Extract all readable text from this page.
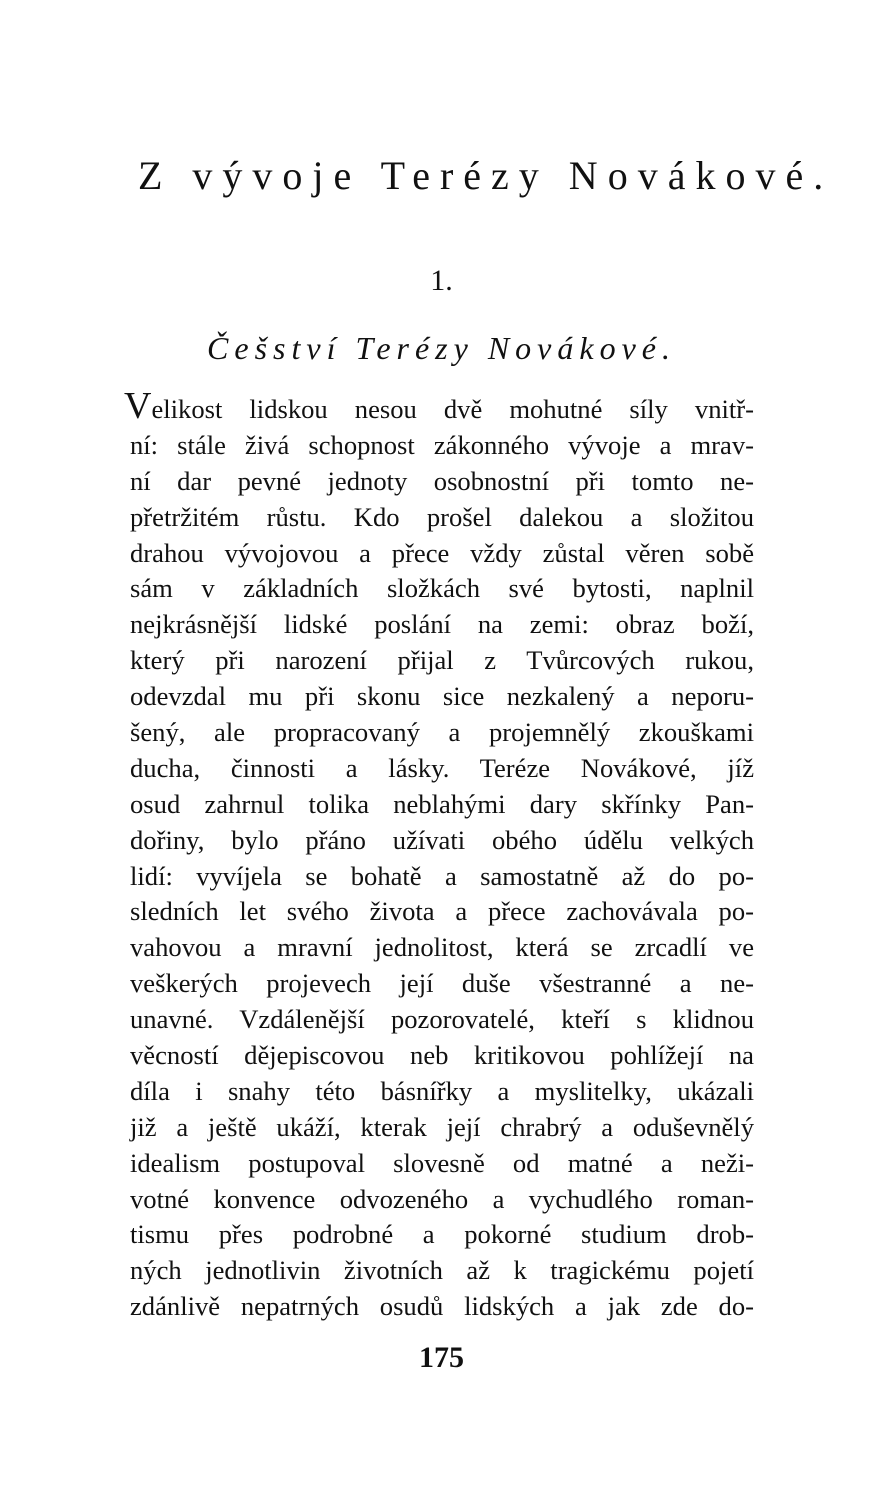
Z vývoje Terézy Novákové.
1.
Češství Terézy Novákové.
Velikost lidskou nesou dvě mohutné síly vnitř-
ní: stále živá schopnost zákonného vývoje a mrav-
ní dar pevné jednoty osobnostní při tomto ne-
přetržitém růstu. Kdo prošel dalekou a složitou
drahou vývojovou a přece vždy zůstal věren sobě
sám v základních složkách své bytosti, naplnil
nejkrásnější lidské poslání na zemi: obraz boží,
který při narození přijal z Tvůrcových rukou,
odevzdal mu při skonu sice nezkalený a neporu-
šený, ale propracovaný a projemnělý zkouškami
ducha, činnosti a lásky. Teréze Novákové, jíž
osud zahrnul tolika neblahými dary skřínky Pan-
dořiny, bylo přáno užívati obého údělu velkých
lidí: vyvíjela se bohatě a samostatně až do po-
sledních let svého života a přece zachovávala po-
vahovou a mravní jednolitost, která se zrcadlí ve
veškerých projevech její duše všestranné a ne-
unavné. Vzdálenější pozorovatelé, kteří s klidnou
věcností dějepiscovou neb kritikovou pohlížejí na
díla i snahy této básnířky a myslitelky, ukázali
již a ještě ukáží, kterak její chrabrý a oduševnělý
idealism postupoval slovesně od matné a neži-
votné konvence odvozeného a vychudlého roman-
tismu přes podrobné a pokorné studium drob-
ných jednotlivin životních až k tragickému pojetí
zdánlivě nepatrných osudů lidských a jak zde do-
175
